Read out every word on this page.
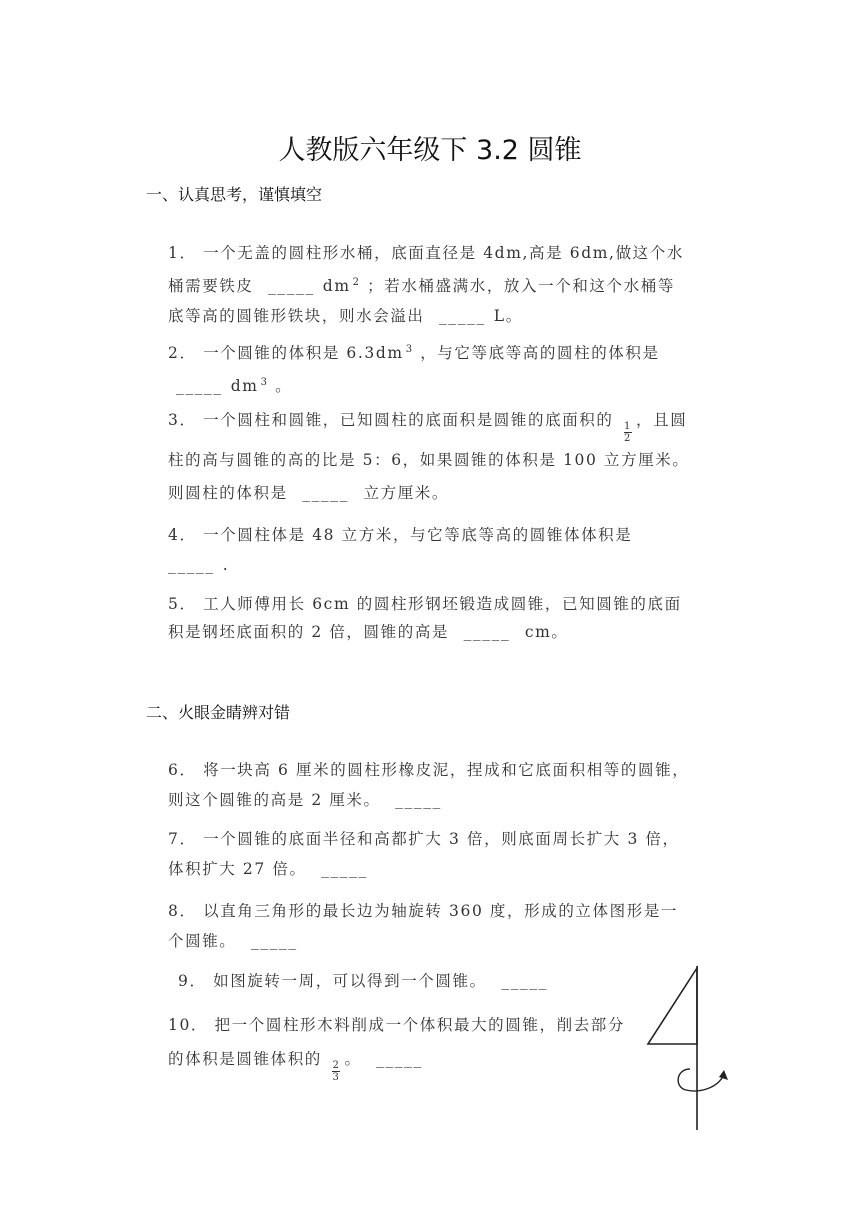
人教版六年级下 3.2 圆锥
一、认真思考，谨慎填空
1． 一个无盖的圆柱形水桶，底面直径是 4dm,高是 6dm,做这个水桶需要铁皮 _____ dm $^2$ ；若水桶盛满水，放入一个和这个水桶等底等高的圆锥形铁块，则水会溢出 _____ L。
2． 一个圆锥的体积是 6.3dm $^3$ ，与它等底等高的圆柱的体积是 _____ dm $^3$ 。
3． 一个圆柱和圆锥，已知圆柱的底面积是圆锥的底面积的
$\frac{1}{2}$
，且圆柱的高与圆锥的高的比是 5：6，如果圆锥的体积是 100 立方厘米。则圆柱的体积是 _____ 立方厘米。
4． 一个圆柱体是 48 立方米，与它等底等高的圆锥体体积是 _____ .
5． 工人师傅用长 6cm 的圆柱形钢坯锻造成圆锥，已知圆锥的底面积是钢坯底面积的 2 倍，圆锥的高是 _____ cm。
二、火眼金睛辨对错
6． 将一块高 6 厘米的圆柱形橡皮泥，捏成和它底面积相等的圆锥，则这个圆锥的高是 2 厘米。 _____
7． 一个圆锥的底面半径和高都扩大 3 倍，则底面周长扩大 3 倍，体积扩大 27 倍。 _____
8． 以直角三角形的最长边为轴旋转 360 度，形成的立体图形是一个圆锥。 _____
9． 如图旋转一周，可以得到一个圆锥。 _____
10． 把一个圆柱形木料削成一个体积最大的圆锥，削去部分的体积是圆锥体积的
$\frac{2}{3}$
。 _____
